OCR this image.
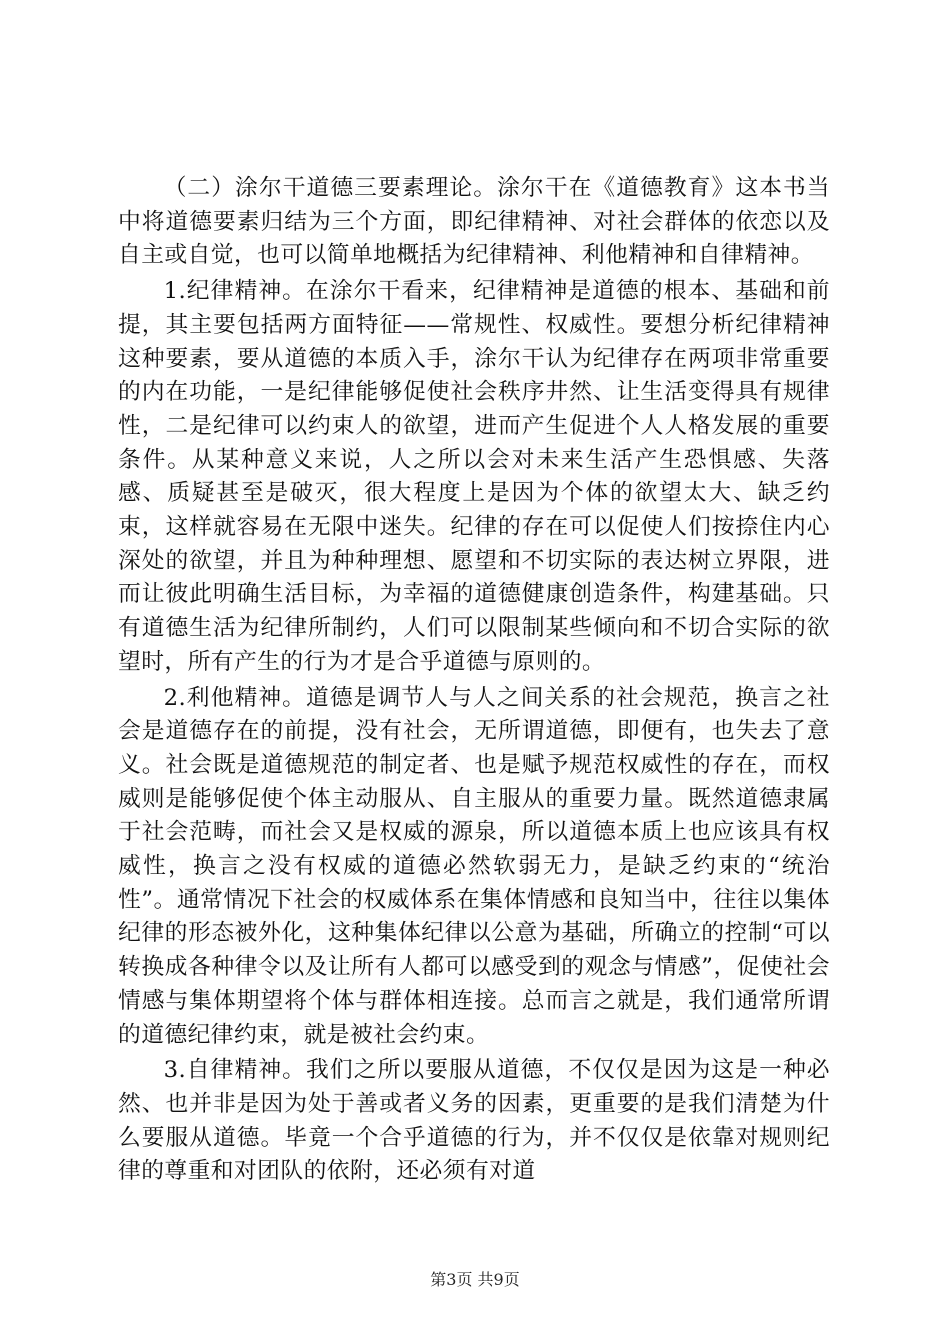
（二）涂尔干道德三要素理论。涂尔干在《道德教育》这本书当中将道德要素归结为三个方面，即纪律精神、对社会群体的依恋以及自主或自觉，也可以简单地概括为纪律精神、利他精神和自律精神。

1.纪律精神。在涂尔干看来，纪律精神是道德的根本、基础和前提，其主要包括两方面特征——常规性、权威性。要想分析纪律精神这种要素，要从道德的本质入手，涂尔干认为纪律存在两项非常重要的内在功能，一是纪律能够促使社会秩序井然、让生活变得具有规律性，二是纪律可以约束人的欲望，进而产生促进个人人格发展的重要条件。从某种意义来说，人之所以会对未来生活产生恐惧感、失落感、质疑甚至是破灭，很大程度上是因为个体的欲望太大、缺乏约束，这样就容易在无限中迷失。纪律的存在可以促使人们按捺住内心深处的欲望，并且为种种理想、愿望和不切实际的表达树立界限，进而让彼此明确生活目标，为幸福的道德健康创造条件，构建基础。只有道德生活为纪律所制约，人们可以限制某些倾向和不切合实际的欲望时，所有产生的行为才是合乎道德与原则的。

2.利他精神。道德是调节人与人之间关系的社会规范，换言之社会是道德存在的前提，没有社会，无所谓道德，即便有，也失去了意义。社会既是道德规范的制定者、也是赋予规范权威性的存在，而权威则是能够促使个体主动服从、自主服从的重要力量。既然道德隶属于社会范畴，而社会又是权威的源泉，所以道德本质上也应该具有权威性，换言之没有权威的道德必然软弱无力，是缺乏约束的“统治性”。通常情况下社会的权威体系在集体情感和良知当中，往往以集体纪律的形态被外化，这种集体纪律以公意为基础，所确立的控制“可以转换成各种律令以及让所有人都可以感受到的观念与情感”，促使社会情感与集体期望将个体与群体相连接。总而言之就是，我们通常所谓的道德纪律约束，就是被社会约束。

3.自律精神。我们之所以要服从道德，不仅仅是因为这是一种必然、也并非是因为处于善或者义务的因素，更重要的是我们清楚为什么要服从道德。毕竟一个合乎道德的行为，并不仅仅是依靠对规则纪律的尊重和对团队的依附，还必须有对道

第3页 共9页
